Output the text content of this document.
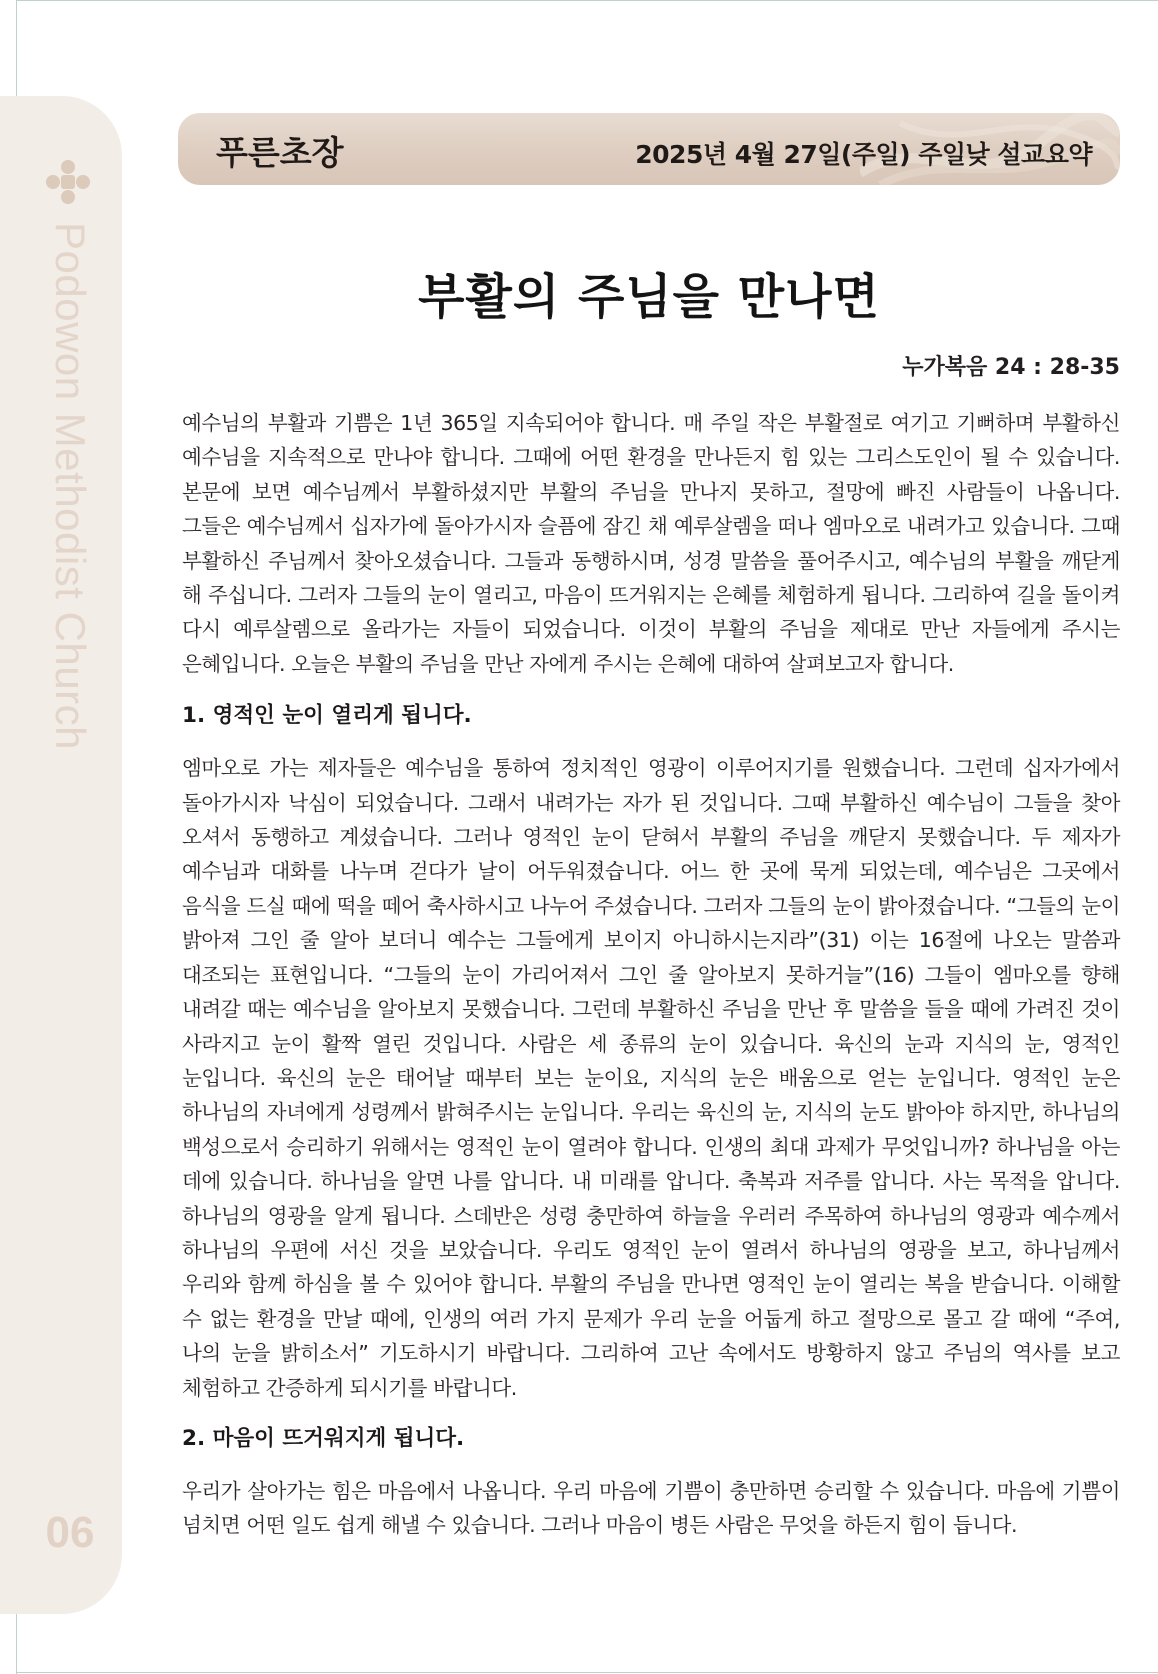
Podowon Methodist Church
06
푸른초장	2025년 4월 27일(주일) 주일낮 설교요약
부활의 주님을 만나면
누가복음 24 : 28-35

예수님의 부활과 기쁨은 1년 365일 지속되어야 합니다. 매 주일 작은 부활절로 여기고 기뻐하며 부활하신 예수님을 지속적으로 만나야 합니다. 그때에 어떤 환경을 만나든지 힘 있는 그리스도인이 될 수 있습니다. 본문에 보면 예수님께서 부활하셨지만 부활의 주님을 만나지 못하고, 절망에 빠진 사람들이 나옵니다. 그들은 예수님께서 십자가에 돌아가시자 슬픔에 잠긴 채 예루살렘을 떠나 엠마오로 내려가고 있습니다. 그때 부활하신 주님께서 찾아오셨습니다. 그들과 동행하시며, 성경 말씀을 풀어주시고, 예수님의 부활을 깨닫게 해 주십니다. 그러자 그들의 눈이 열리고, 마음이 뜨거워지는 은혜를 체험하게 됩니다. 그리하여 길을 돌이켜 다시 예루살렘으로 올라가는 자들이 되었습니다. 이것이 부활의 주님을 제대로 만난 자들에게 주시는 은혜입니다. 오늘은 부활의 주님을 만난 자에게 주시는 은혜에 대하여 살펴보고자 합니다.

1. 영적인 눈이 열리게 됩니다.

엠마오로 가는 제자들은 예수님을 통하여 정치적인 영광이 이루어지기를 원했습니다. 그런데 십자가에서 돌아가시자 낙심이 되었습니다. 그래서 내려가는 자가 된 것입니다. 그때 부활하신 예수님이 그들을 찾아 오셔서 동행하고 계셨습니다. 그러나 영적인 눈이 닫혀서 부활의 주님을 깨닫지 못했습니다. 두 제자가 예수님과 대화를 나누며 걷다가 날이 어두워졌습니다. 어느 한 곳에 묵게 되었는데, 예수님은 그곳에서 음식을 드실 때에 떡을 떼어 축사하시고 나누어 주셨습니다. 그러자 그들의 눈이 밝아졌습니다. “그들의 눈이 밝아져 그인 줄 알아 보더니 예수는 그들에게 보이지 아니하시는지라”(31) 이는 16절에 나오는 말씀과 대조되는 표현입니다. “그들의 눈이 가리어져서 그인 줄 알아보지 못하거늘”(16) 그들이 엠마오를 향해 내려갈 때는 예수님을 알아보지 못했습니다. 그런데 부활하신 주님을 만난 후 말씀을 들을 때에 가려진 것이 사라지고 눈이 활짝 열린 것입니다. 사람은 세 종류의 눈이 있습니다. 육신의 눈과 지식의 눈, 영적인 눈입니다. 육신의 눈은 태어날 때부터 보는 눈이요, 지식의 눈은 배움으로 얻는 눈입니다. 영적인 눈은 하나님의 자녀에게 성령께서 밝혀주시는 눈입니다. 우리는 육신의 눈, 지식의 눈도 밝아야 하지만, 하나님의 백성으로서 승리하기 위해서는 영적인 눈이 열려야 합니다. 인생의 최대 과제가 무엇입니까? 하나님을 아는 데에 있습니다. 하나님을 알면 나를 압니다. 내 미래를 압니다. 축복과 저주를 압니다. 사는 목적을 압니다. 하나님의 영광을 알게 됩니다. 스데반은 성령 충만하여 하늘을 우러러 주목하여 하나님의 영광과 예수께서 하나님의 우편에 서신 것을 보았습니다. 우리도 영적인 눈이 열려서 하나님의 영광을 보고, 하나님께서 우리와 함께 하심을 볼 수 있어야 합니다. 부활의 주님을 만나면 영적인 눈이 열리는 복을 받습니다. 이해할 수 없는 환경을 만날 때에, 인생의 여러 가지 문제가 우리 눈을 어둡게 하고 절망으로 몰고 갈 때에 “주여, 나의 눈을 밝히소서” 기도하시기 바랍니다. 그리하여 고난 속에서도 방황하지 않고 주님의 역사를 보고 체험하고 간증하게 되시기를 바랍니다.

2. 마음이 뜨거워지게 됩니다.

우리가 살아가는 힘은 마음에서 나옵니다. 우리 마음에 기쁨이 충만하면 승리할 수 있습니다. 마음에 기쁨이 넘치면 어떤 일도 쉽게 해낼 수 있습니다. 그러나 마음이 병든 사람은 무엇을 하든지 힘이 듭니다.
